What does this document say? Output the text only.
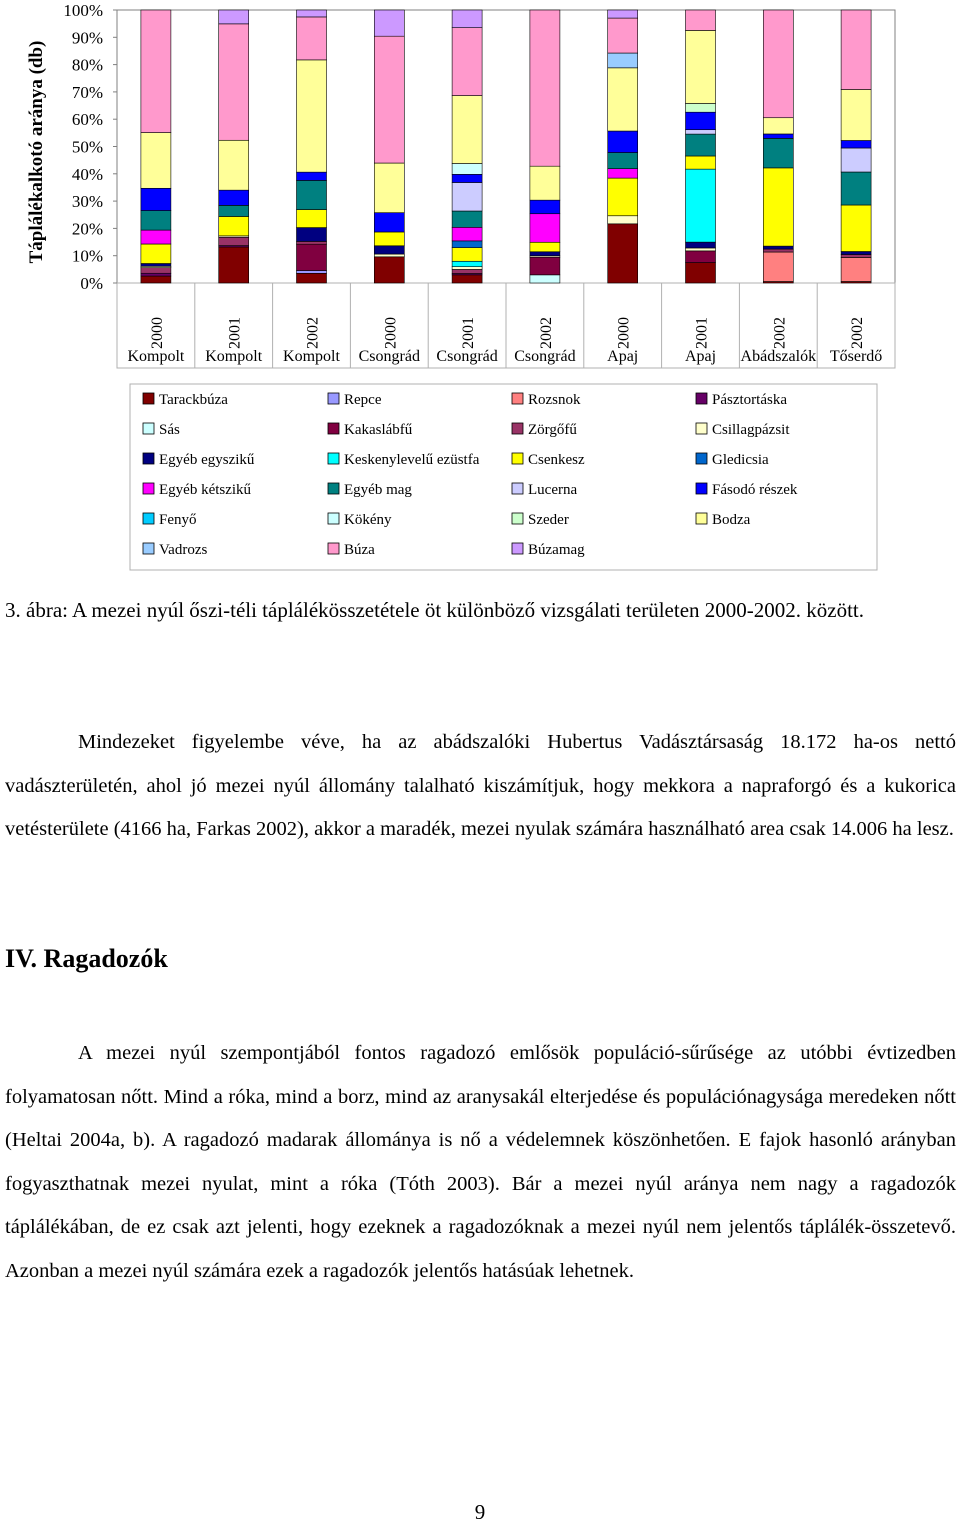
Táplálékalkotó aránya (db)
0%
10%
20%
30%
40%
50%
60%
70%
80%
90%
100%
2000
Kompolt
2001
Kompolt
2002
Kompolt
2000
Csongrád
2001
Csongrád
2002
Csongrád
2000
Apaj
2001
Apaj
2002
Abádszalók
2002
Tőserdő
Tarackbúza	Repce	Rozsnok	Pásztortáska
Sás	Kakaslábfű	Zörgőfű	Csillagpázsit
Egyéb egyszikű	Keskenylevelű ezüstfa	Csenkesz	Gledicsia
Egyéb kétszikű	Egyéb mag	Lucerna	Fásodó részek
Fenyő	Kökény	Szeder	Bodza
Vadrozs	Búza	Búzamag

3. ábra: A mezei nyúl őszi-téli táplálékösszetétele öt különböző vizsgálati területen 2000-2002. között.

Mindezeket figyelembe véve, ha az abádszalóki Hubertus Vadásztársaság 18.172 ha-os nettó vadászterületén, ahol jó mezei nyúl állomány talalható kiszámítjuk, hogy mekkora a napraforgó és a kukorica vetésterülete (4166 ha, Farkas 2002), akkor a maradék, mezei nyulak számára használható area csak 14.006 ha lesz.

IV. Ragadozók

A mezei nyúl szempontjából fontos ragadozó emlősök populáció-sűrűsége az utóbbi évtizedben folyamatosan nőtt. Mind a róka, mind a borz, mind az aranysakál elterjedése és populációnagysága meredeken nőtt (Heltai 2004a, b). A ragadozó madarak állománya is nő a védelemnek köszönhetően. E fajok hasonló arányban fogyaszthatnak mezei nyulat, mint a róka (Tóth 2003). Bár a mezei nyúl aránya nem nagy a ragadozók táplálékában, de ez csak azt jelenti, hogy ezeknek a ragadozóknak a mezei nyúl nem jelentős táplálék-összetevő. Azonban a mezei nyúl számára ezek a ragadozók jelentős hatásúak lehetnek.

9
